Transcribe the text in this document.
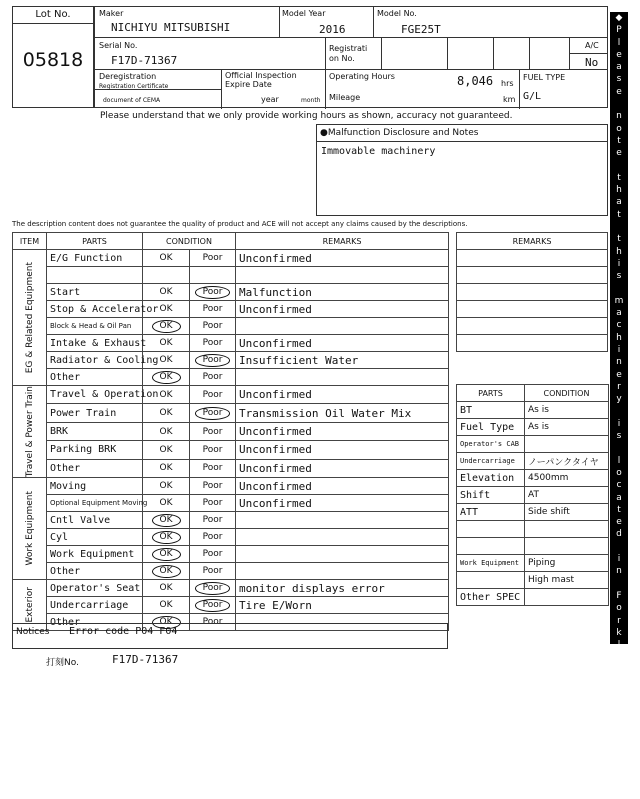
Lot No.
05818
Maker
NICHIYU MITSUBISHI
Model Year
2016
Model No.
FGE25T
Serial No.
F17D-71367
Registrati on No.
A/C
No
Deregistration
Registration Certificate
document of CEMA
Official Inspection Expire Date
year	month
Operating Hours	8,046 hrs
Mileage	km
FUEL TYPE
G/L
Please understand that we only provide working hours as shown, accuracy not guaranteed.
●Malfunction Disclosure and Notes
Immovable machinery
The description content does not guarantee the quality of product and ACE will not accept any claims caused by the descriptions.
ITEM	PARTS	CONDITION		REMARKS

EG & Related Equipment	E/G Function	OK	Poor	Unconfirmed

	Start	OK	Poor	Malfunction
	Stop & Accelerator	OK	Poor	Unconfirmed
	Block & Head & Oil Pan	OK	Poor	
	Intake & Exhaust	OK	Poor	Unconfirmed
	Radiator & Cooling	OK	Poor	Insufficient Water
	Other	OK	Poor	

Travel & Power Train	Travel & Operation	OK	Poor	Unconfirmed
	Power Train	OK	Poor	Transmission Oil Water Mix
	BRK	OK	Poor	Unconfirmed
	Parking BRK	OK	Poor	Unconfirmed
	Other	OK	Poor	Unconfirmed

Work Equipment	Moving	OK	Poor	Unconfirmed
	Optional Equipment Moving	OK	Poor	Unconfirmed
	Cntl Valve	OK	Poor	
	Cyl	OK	Poor	
	Work Equipment	OK	Poor	
	Other	OK	Poor	

Exterior	Operator's Seat	OK	Poor	monitor displays error
	Undercarriage	OK	Poor	Tire E/Worn
	Other	OK	Poor	
Notices Error code P04 F04
打刻No.	F17D-71367
REMARKS

PARTS	CONDITION
BT	As is
Fuel Type	As is
Operator's CAB	
Undercarriage	ノーパンクタイヤ
Elevation	4500mm
Shift	AT
ATT	Side shift

Work Equipment	Piping
	High mast
Other SPEC	
◆
P
l
e
a
s
e

n
o
t
e

t
h
a
t

t
h
i
s

m
a
c
h
i
n
e
r
y

i
s

l
o
c
a
t
e
d

i
n

F
o
r
k
l
i
f
t

P
a
r
k
i
n
g
◆
